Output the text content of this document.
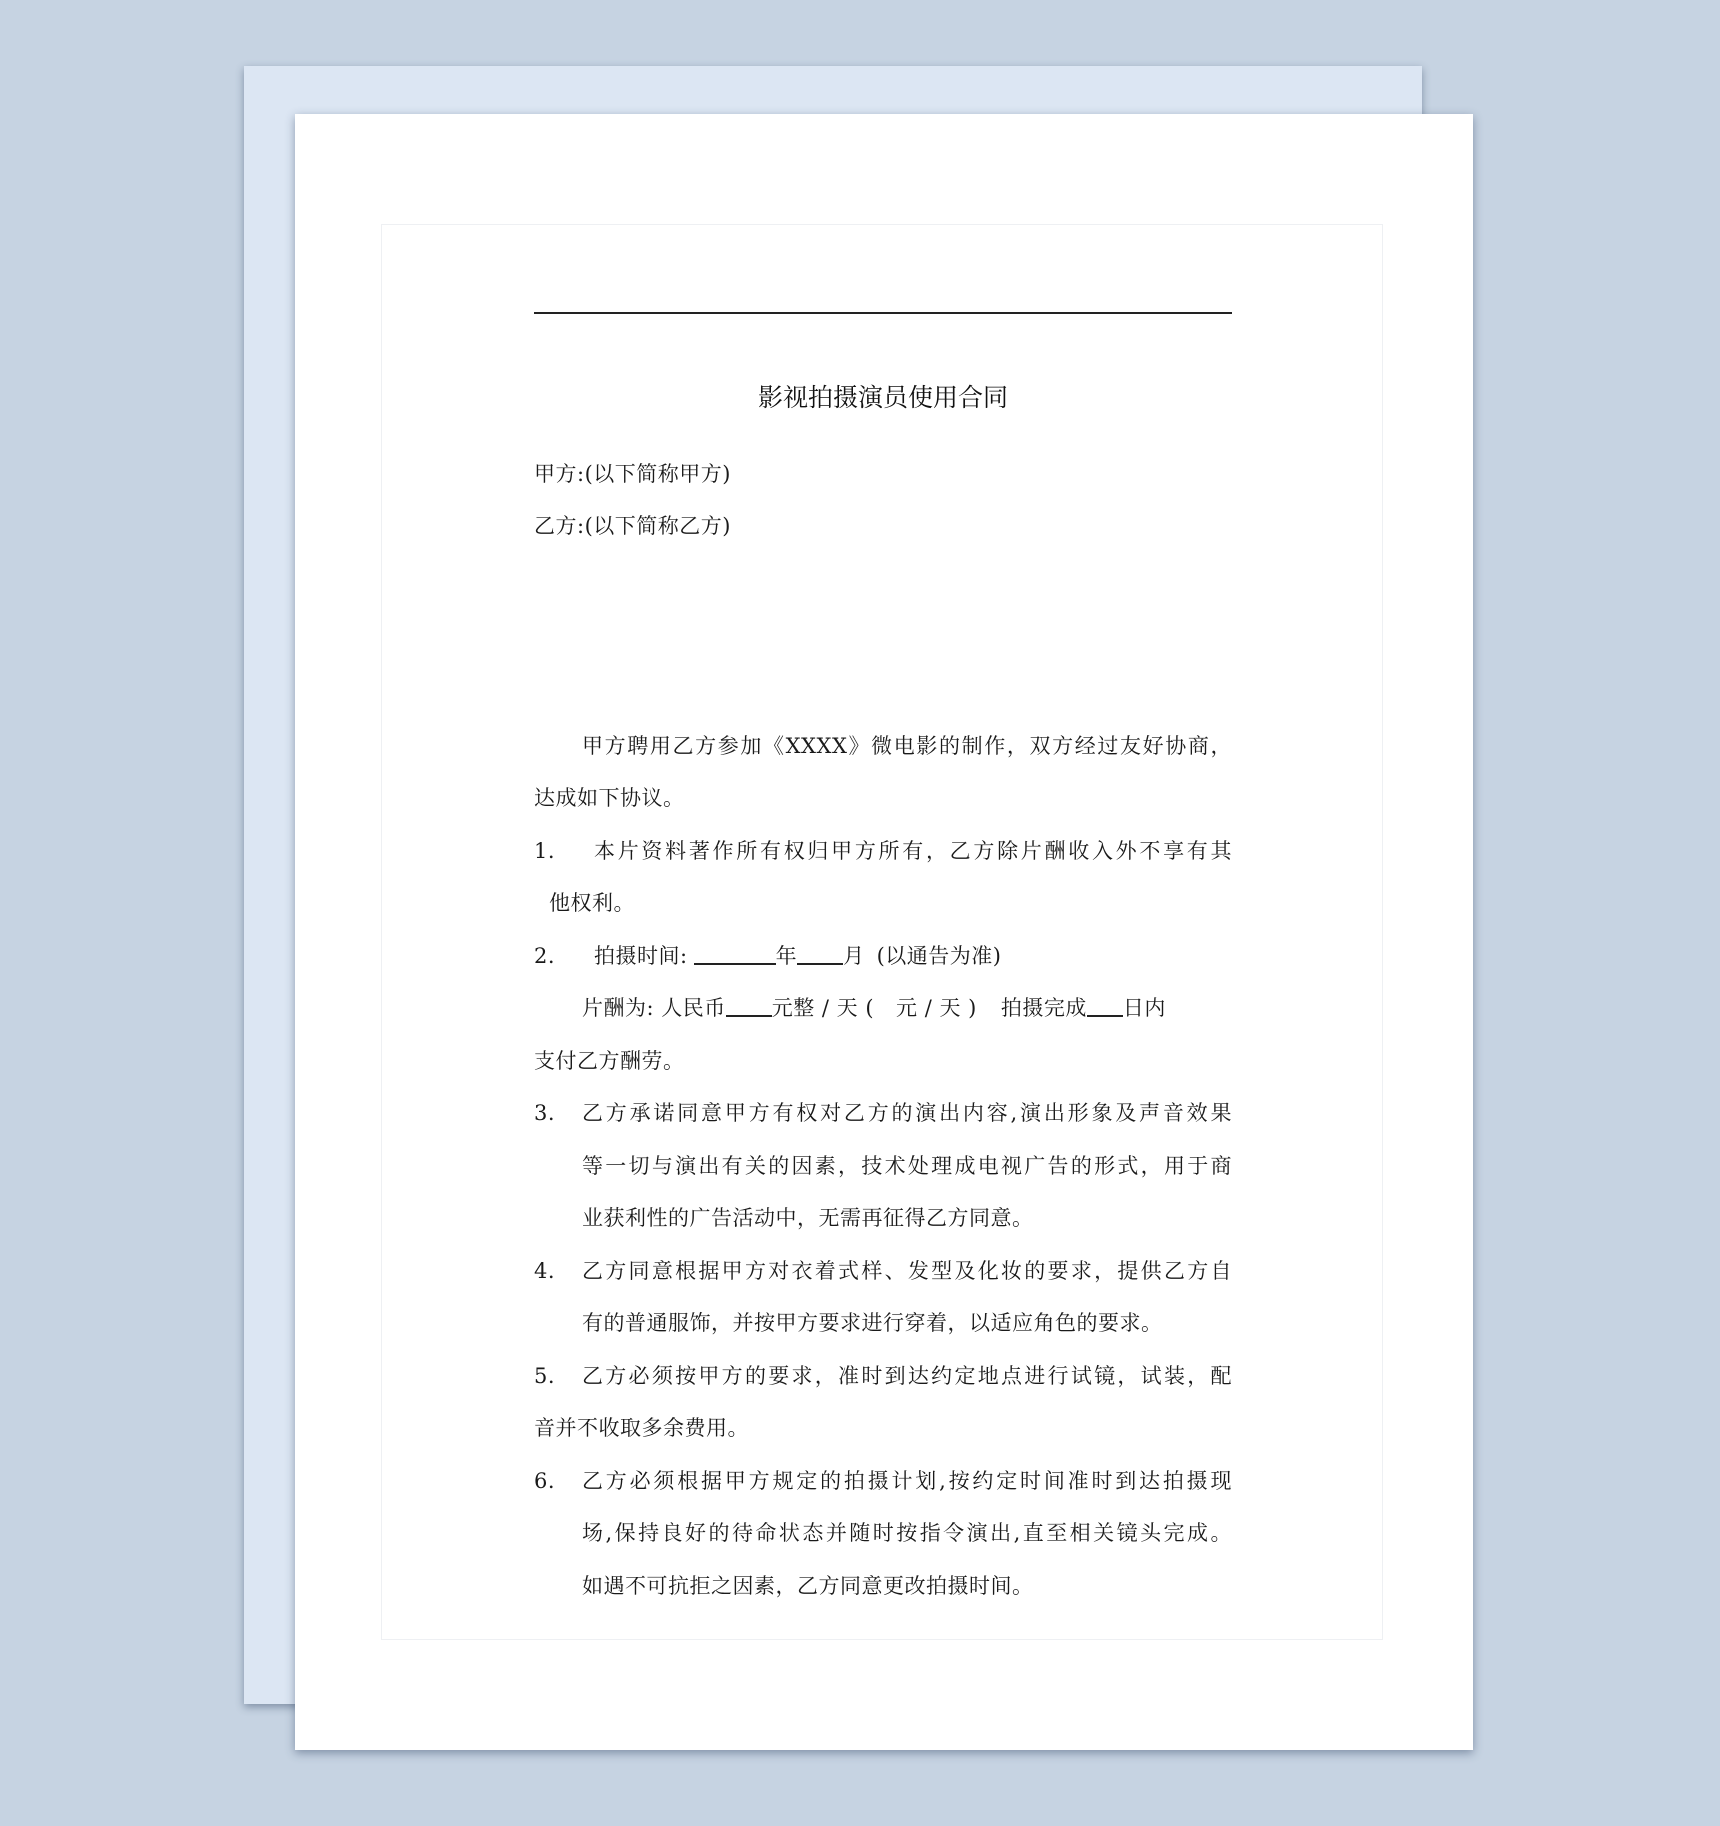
影视拍摄演员使用合同
甲方:(以下简称甲方)
乙方:(以下简称乙方)
甲方聘用乙方参加《XXXX》微电影的制作，双方经过友好协商，
达成如下协议。
1. 本片资料著作所有权归甲方所有，乙方除片酬收入外不享有其
他权利。
2. 拍摄时间:	年 月 (以通告为准)
片酬为: 人民币 元整 / 天 ( 元 / 天 ) 拍摄完成 日内
支付乙方酬劳。
3. 乙方承诺同意甲方有权对乙方的演出内容,演出形象及声音效果
等一切与演出有关的因素，技术处理成电视广告的形式，用于商
业获利性的广告活动中，无需再征得乙方同意。
4. 乙方同意根据甲方对衣着式样、发型及化妆的要求，提供乙方自
有的普通服饰，并按甲方要求进行穿着，以适应角色的要求。
5. 乙方必须按甲方的要求，准时到达约定地点进行试镜，试装，配
音并不收取多余费用。
6. 乙方必须根据甲方规定的拍摄计划,按约定时间准时到达拍摄现
场,保持良好的待命状态并随时按指令演出,直至相关镜头完成。
如遇不可抗拒之因素，乙方同意更改拍摄时间。
